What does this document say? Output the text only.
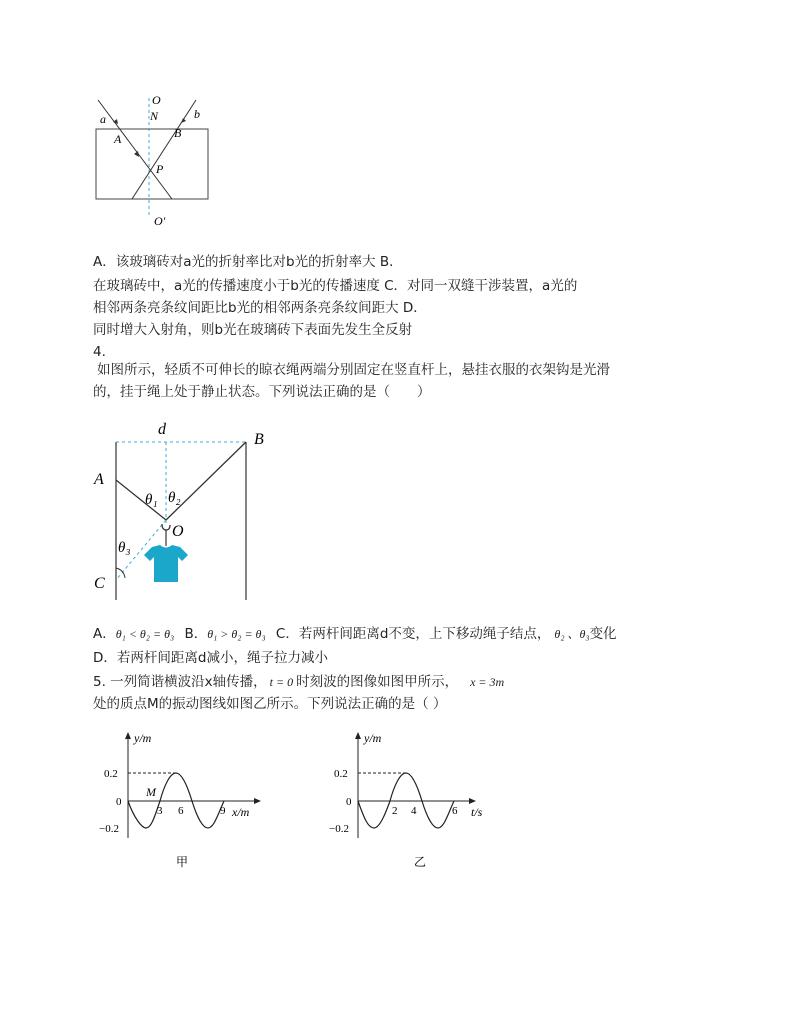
O
N
a	b
A	B
P
O′
A．该玻璃砖对a光的折射率比对b光的折射率大 B．
在玻璃砖中，a光的传播速度小于b光的传播速度 C．对同一双缝干涉装置，a光的
相邻两条亮条纹间距比b光的相邻两条亮条纹间距大 D．
同时增大入射角，则b光在玻璃砖下表面先发生全反射
4.
如图所示，轻质不可伸长的晾衣绳两端分别固定在竖直杆上，悬挂衣服的衣架钩是光滑
的，挂于绳上处于静止状态。下列说法正确的是（　　）
d
A
B
C
O
θ₁ θ₂
θ₃
A．θ₁ < θ₂ = θ₃ B．θ₁ > θ₂ = θ₃ C．若两杆间距离d不变，上下移动绳子结点， θ₂ 、θ₃变化
D．若两杆间距离d减小，绳子拉力减小
5. 一列简谐横波沿x轴传播， t = 0 时刻波的图像如图甲所示， x = 3m
处的质点M的振动图线如图乙所示。下列说法正确的是（ ）
y/m
0.2
0
−0.2
M
3 6	9 x/m
甲
y/m
0.2
0
−0.2
2 4	6 t/s
乙
